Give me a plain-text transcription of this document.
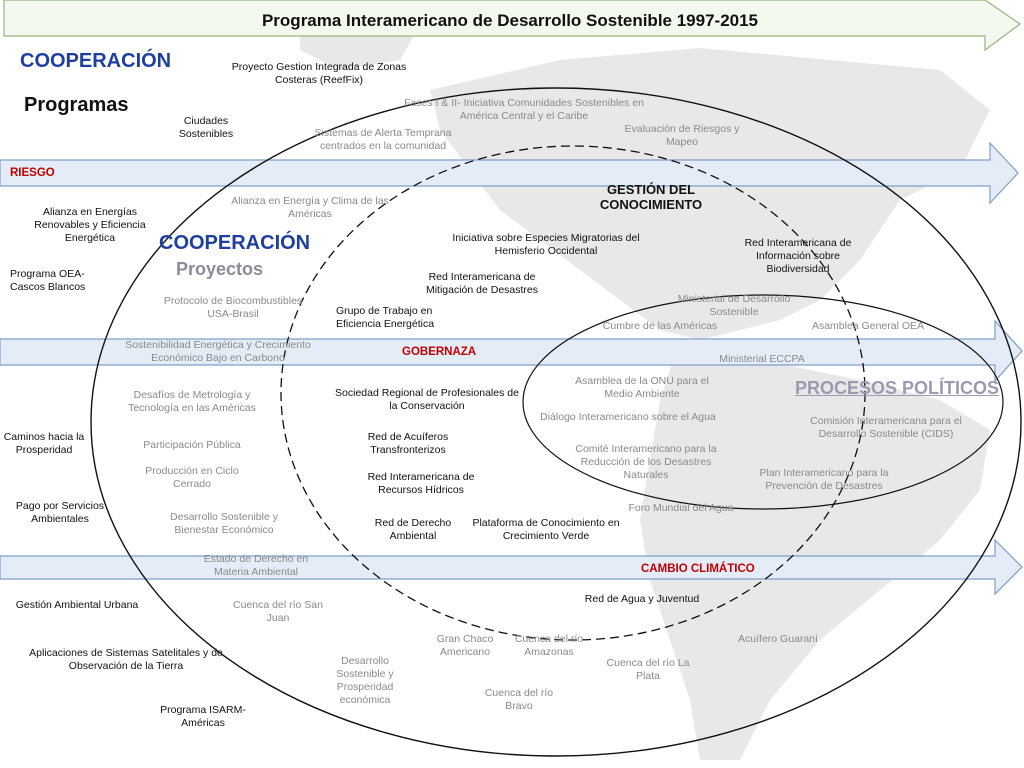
Programa Interamericano de Desarrollo Sostenible 1997-2015
COOPERACIÓN
Programas
COOPERACIÓN
Proyectos
PROCESOS POLÍTICOS
GESTIÓN DEL CONOCIMIENTO
RIESGO
GOBERNAZA
CAMBIO CLIMÁTICO
Proyecto Gestion Integrada de Zonas Costeras (ReefFix)
Ciudades Sostenibles
Alianza en Energías Renovables y Eficiencia Energética
Programa OEA-Cascos Blancos
Caminos hacia la Prosperidad
Pago por Servicios Ambientales
Gestión Ambiental Urbana
Aplicaciones de Sistemas Satelitales y de Observación de la Tierra
Programa ISARM-Américas
Fases I & II- Iniciativa Comunidades Sostenibles en América Central y el Caribe
Evaluación de Riesgos y Mapeo
Sistemas de Alerta Temprana centrados en la comunidad
Alianza en Energía y Clima de las Américas
Protocolo de Biocombustibles USA-Brasil
Sostenibilidad Energética y Crecimiento Económico Bajo en Carbono
Desafíos de Metrología y Tecnología en las Américas
Participación Pública
Producción en Ciclo Cerrado
Desarrollo Sostenible y Bienestar Económico
Estado de Derecho en Materia Ambiental
Cuenca del río San Juan
Gran Chaco Americano
Cuenca del río Amazonas
Cuenca del río La Plata
Desarrollo Sostenible y Prosperidad económica
Cuenca del río Bravo
Acuífero Guaraní
Iniciativa sobre Especies Migratorias del Hemisferio Occidental
Red Interamericana de Información sobre Biodiversidad
Red Interamericana de Mitigación de Desastres
Grupo de Trabajo en Eficiencia Energética
Sociedad Regional de Profesionales de la Conservación
Red de Acuíferos Transfronterizos
Red Interamericana de Recursos Hídricos
Red de Derecho Ambiental
Plataforma de Conocimiento en Crecimiento Verde
Red de Agua y Juventud
Ministerial de Desarrollo Sostenible
Cumbre de las Américas	Asamblea General OEA
Ministerial ECCPA
Asamblea de la ONU para el Medio Ambiente
Diálogo Interamericano sobre el Agua	Comisión Interamericana para el Desarrollo Sostenible (CIDS)
Comité Interamericano para la Reducción de los Desastres Naturales	Plan Interamericano para la Prevención de Desastres
Foro Mundial del Agua
